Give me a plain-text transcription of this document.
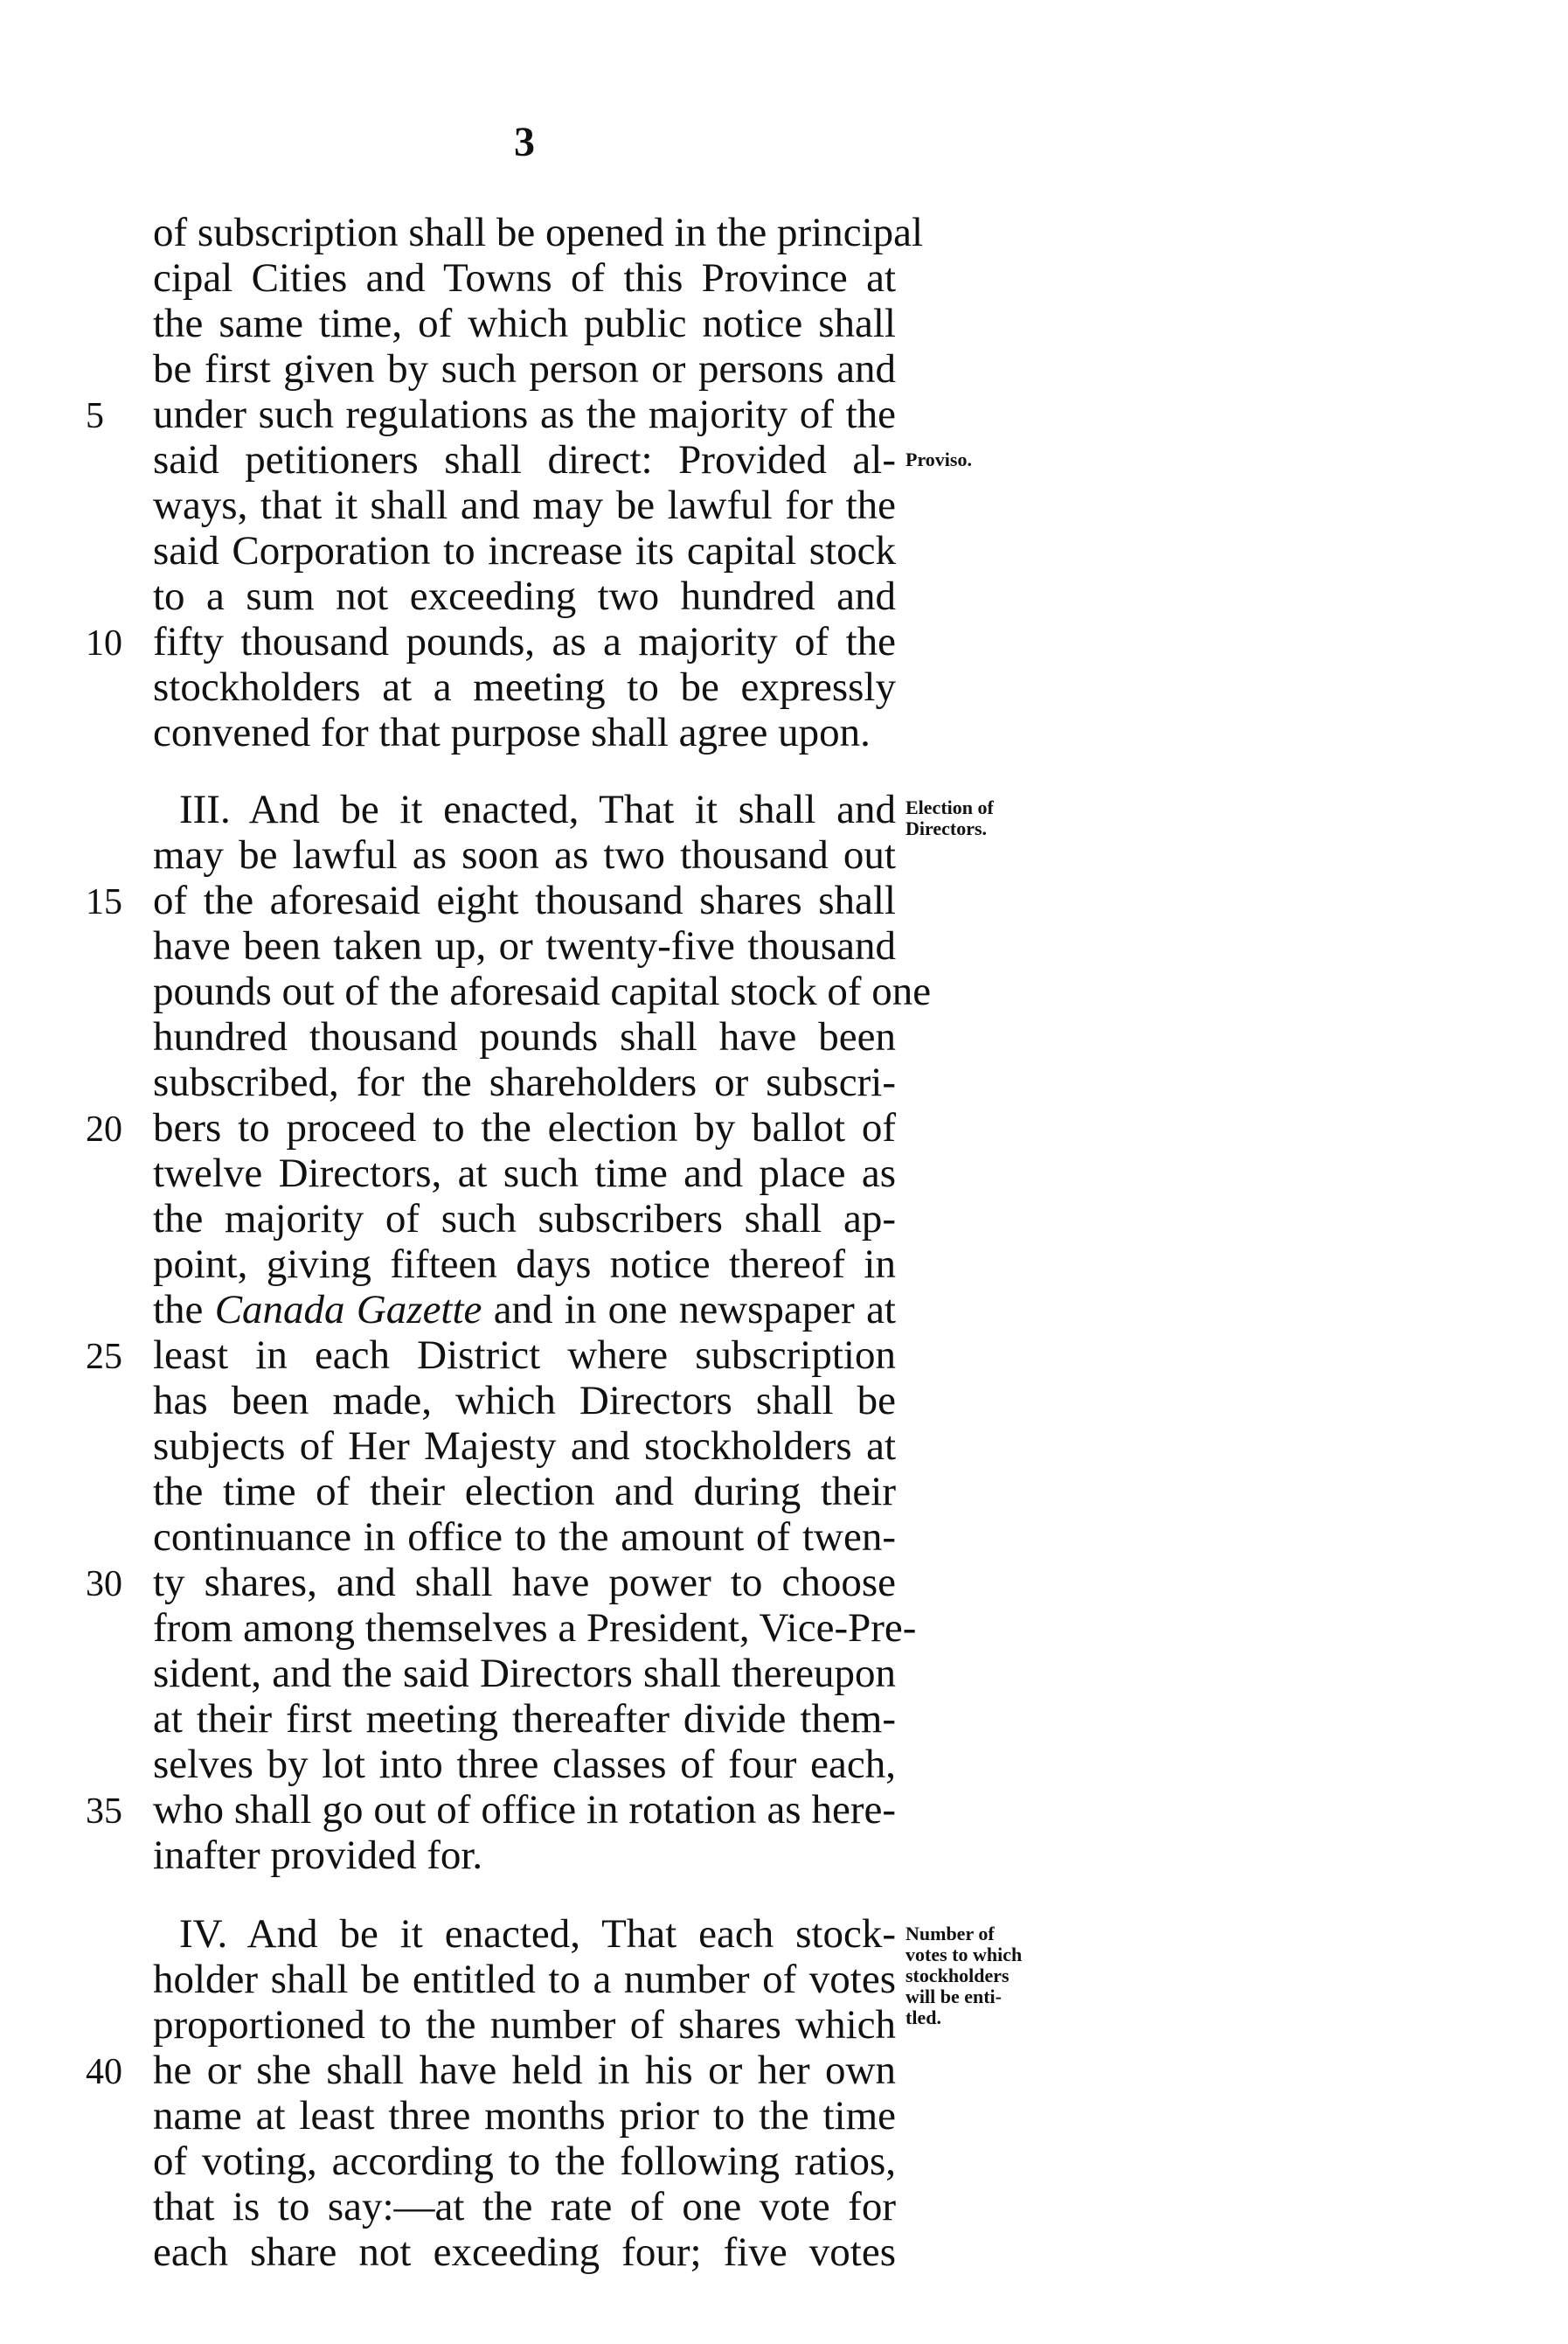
3
of subscription shall be opened in the principal
cipal Cities and Towns of this Province at
the same time, of which public notice shall
be first given by such person or persons and
under such regulations as the majority of the
said petitioners shall direct: Provided al-
ways, that it shall and may be lawful for the
said Corporation to increase its capital stock
to a sum not exceeding two hundred and
fifty thousand pounds, as a majority of the
stockholders at a meeting to be expressly
convened for that purpose shall agree upon.
III. And be it enacted, That it shall and
may be lawful as soon as two thousand out
of the aforesaid eight thousand shares shall
have been taken up, or twenty-five thousand
pounds out of the aforesaid capital stock of one
hundred thousand pounds shall have been
subscribed, for the shareholders or subscri-
bers to proceed to the election by ballot of
twelve Directors, at such time and place as
the majority of such subscribers shall ap-
point, giving fifteen days notice thereof in
the Canada Gazette and in one newspaper at
least in each District where subscription
has been made, which Directors shall be
subjects of Her Majesty and stockholders at
the time of their election and during their
continuance in office to the amount of twen-
ty shares, and shall have power to choose
from among themselves a President, Vice-Pre-
sident, and the said Directors shall thereupon
at their first meeting thereafter divide them-
selves by lot into three classes of four each,
who shall go out of office in rotation as here-
inafter provided for.
IV. And be it enacted, That each stock-
holder shall be entitled to a number of votes
proportioned to the number of shares which
he or she shall have held in his or her own
name at least three months prior to the time
of voting, according to the following ratios,
that is to say:—at the rate of one vote for
each share not exceeding four; five votes
5
10
15
20
25
30
35
40
Proviso.
Election of
Directors.
Number of
votes to which
stockholders
will be enti-
tled.
